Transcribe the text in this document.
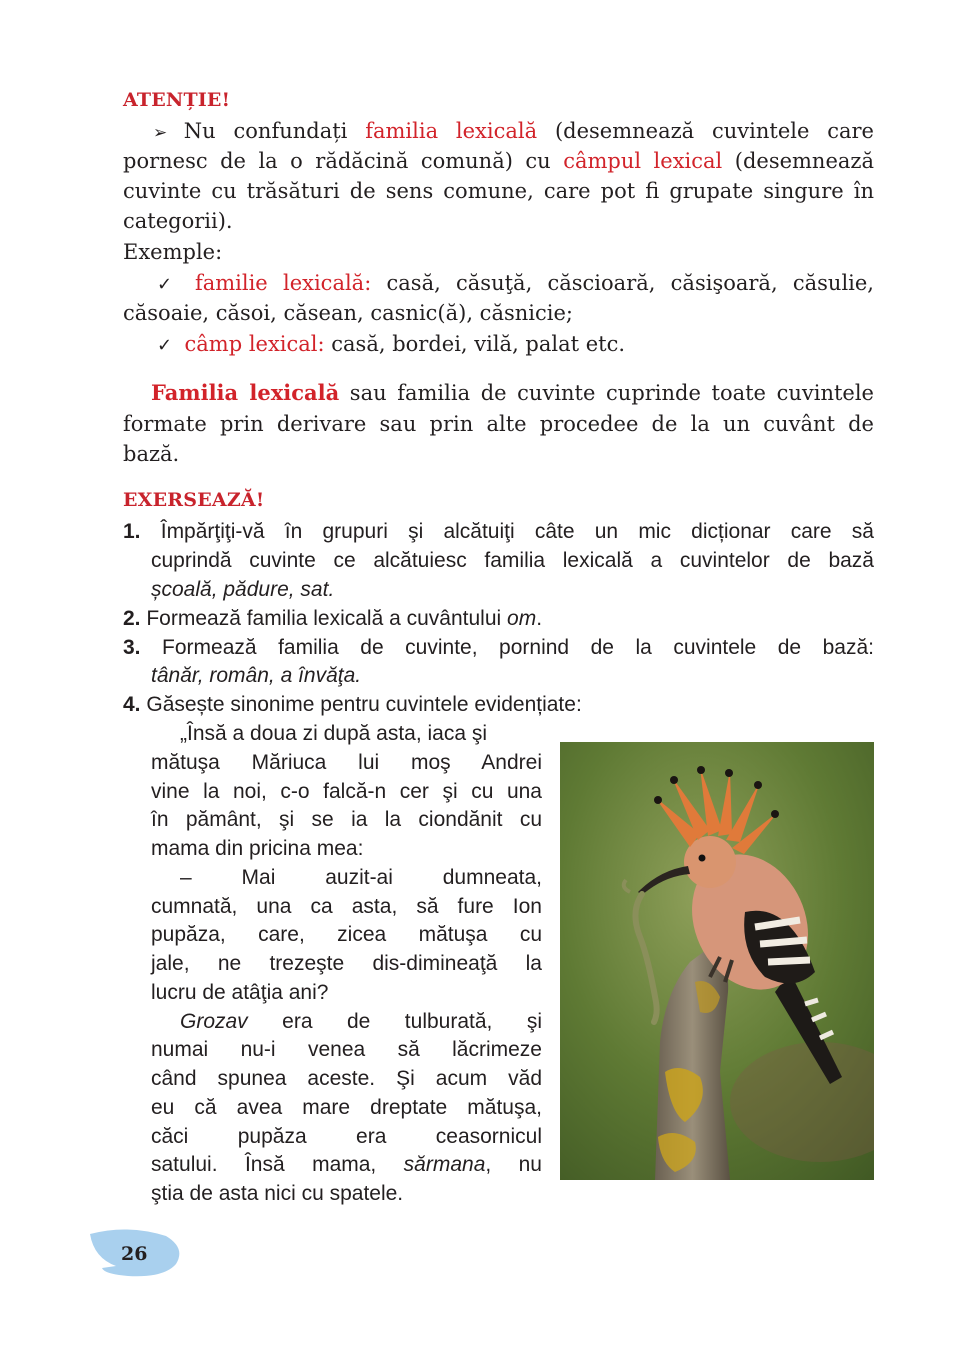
ATENȚIE!
➢ Nu confundați familia lexicală (desemnează cuvintele care
pornesc de la o rădăcină comună) cu câmpul lexical (desemnează
cuvinte cu trăsături de sens comune, care pot fi grupate singure în
categorii).
Exemple:
✓ familie lexicală: casă, căsuţă, căscioară, căsişoară, căsulie,
căsoaie, căsoi, căsean, casnic(ă), căsnicie;
✓  câmp lexical: casă, bordei, vilă, palat etc.
Familia lexicală sau familia de cuvinte cuprinde toate cuvintele
formate prin derivare sau prin alte procedee de la un cuvânt de
bază.
EXERSEAZĂ!
1. Împărţiţi-vă în grupuri şi alcătuiţi câte un mic dicționar care să
cuprindă cuvinte ce alcătuiesc familia lexicală a cuvintelor de bază
școală, pădure, sat.
2. Formează familia lexicală a cuvântului om.
3. Formează familia de cuvinte, pornind de la cuvintele de bază:
tânăr, român, a învăţa.
4. Găsește sinonime pentru cuvintele evidențiate:
„Însă a doua zi după asta, iaca şi
mătuşa Măriuca lui moş Andrei
vine la noi, c-o falcă-n cer şi cu una
în pământ, şi se ia la ciondănit cu
mama din pricina mea:
– Mai auzit-ai dumneata,
cumnată, una ca asta, să fure Ion
pupăza, care, zicea mătuşa cu
jale, ne trezeşte dis-dimineaţă la
lucru de atâţia ani?
Grozav era de tulburată, şi
numai nu-i venea să lăcrimeze
când spunea aceste. Şi acum văd
eu că avea mare dreptate mătuşa,
căci pupăza era ceasornicul
satului. Însă mama, sărmana, nu
ştia de asta nici cu spatele.
26
